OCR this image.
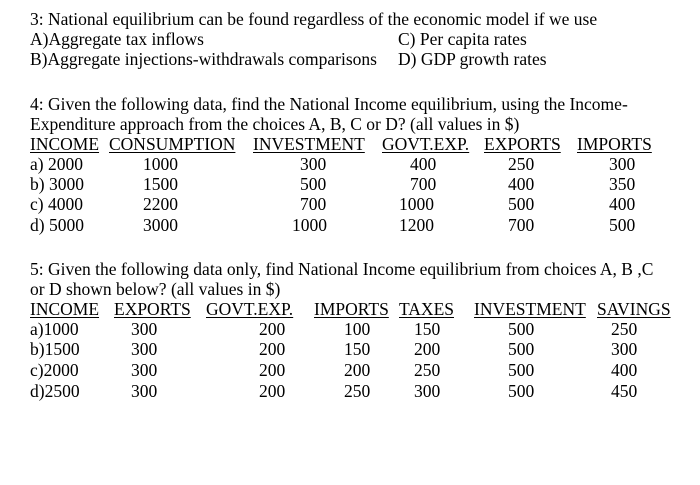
3: National equilibrium can be found regardless of the economic model if we use
A)Aggregate tax inflows	C) Per capita rates
B)Aggregate injections-withdrawals comparisons D) GDP growth rates
4: Given the following data, find the National Income equilibrium, using the Income-
Expenditure approach from the choices A, B, C or D? (all values in $)
INCOME CONSUMPTION INVESTMENT GOVT.EXP. EXPORTS IMPORTS
a) 2000	1000	300	400	250	300
b) 3000	1500	500	700	400	350
c) 4000	2200	700	1000	500	400
d) 5000	3000	1000	1200	700	500
5: Given the following data only, find National Income equilibrium from choices A, B ,C
or D shown below? (all values in $)
INCOME EXPORTS GOVT.EXP. IMPORTS TAXES INVESTMENT SAVINGS
a)1000	300	200	100	150	500	250
b)1500	300	200	150	200	500	300
c)2000	300	200	200	250	500	400
d)2500	300	200	250	300	500	450
